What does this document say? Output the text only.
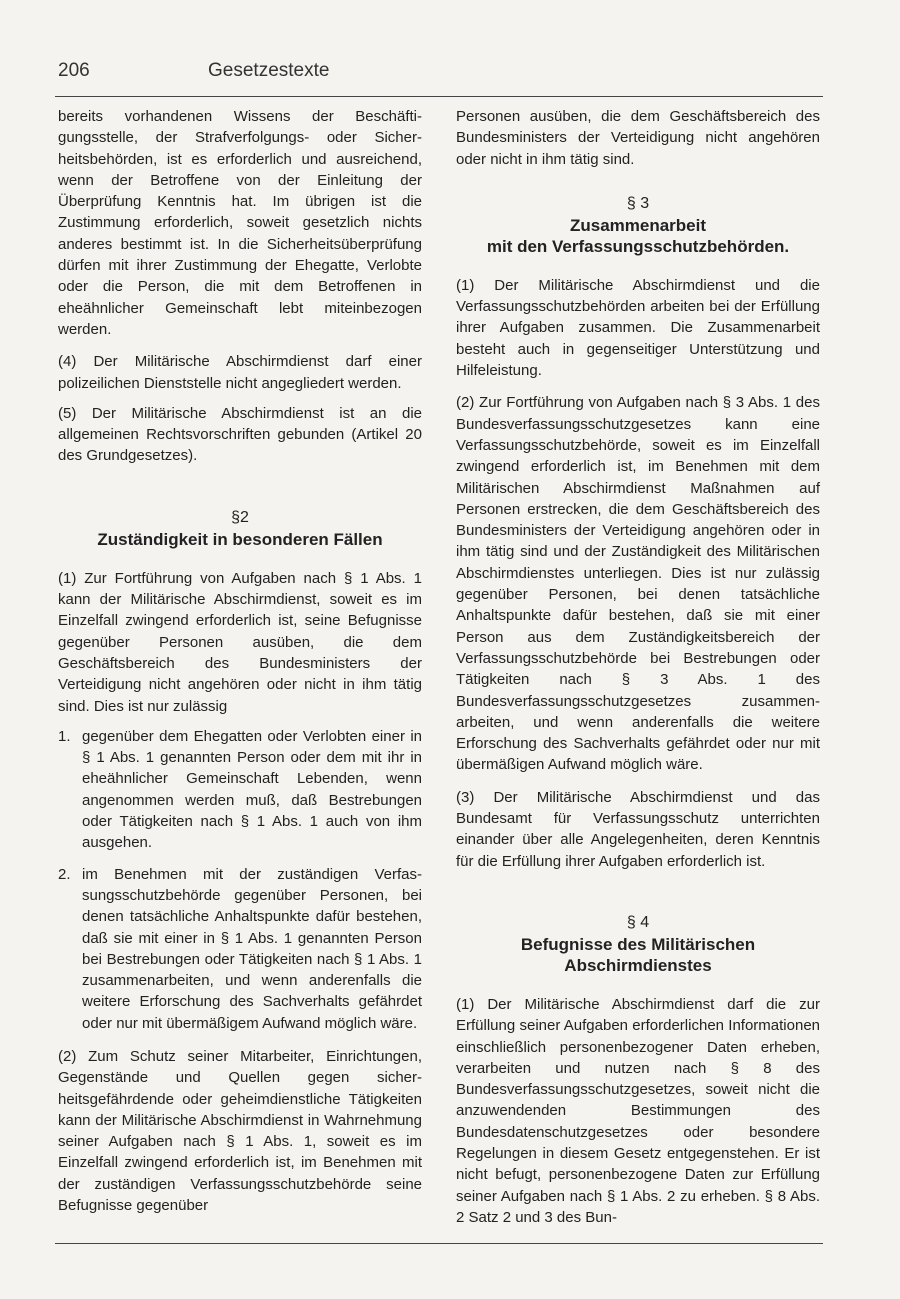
206	Gesetzestexte

bereits vorhandenen Wissens der Beschäftigungsstelle, der Strafverfolgungs- oder Sicherheitsbehörden, ist es erforderlich und ausreichend, wenn der Betroffene von der Einleitung der Überprüfung Kenntnis hat. Im übrigen ist die Zustimmung erforderlich, soweit gesetzlich nichts anderes bestimmt ist. In die Sicherheitsüberprüfung dürfen mit ihrer Zustimmung der Ehegatte, Verlobte oder die Person, die mit dem Betroffenen in eheähnlicher Gemeinschaft lebt miteinbezogen werden.

(4) Der Militärische Abschirmdienst darf einer polizeilichen Dienststelle nicht angegliedert werden.

(5) Der Militärische Abschirmdienst ist an die allgemeinen Rechtsvorschriften gebunden (Artikel 20 des Grundgesetzes).

§2
Zuständigkeit in besonderen Fällen

(1) Zur Fortführung von Aufgaben nach § 1 Abs. 1 kann der Militärische Abschirmdienst, soweit es im Einzelfall zwingend erforderlich ist, seine Befugnisse gegenüber Personen ausüben, die dem Geschäftsbereich des Bundesministers der Verteidigung nicht angehören oder nicht in ihm tätig sind. Dies ist nur zulässig

1. gegenüber dem Ehegatten oder Verlobten einer in § 1 Abs. 1 genannten Person oder dem mit ihr in eheähnlicher Gemeinschaft Lebenden, wenn angenommen werden muß, daß Bestrebungen oder Tätigkeiten nach § 1 Abs. 1 auch von ihm ausgehen.
2. im Benehmen mit der zuständigen Verfassungsschutzbehörde gegenüber Personen, bei denen tatsächliche Anhaltspunkte dafür bestehen, daß sie mit einer in § 1 Abs. 1 genannten Person bei Bestrebungen oder Tätigkeiten nach § 1 Abs. 1 zusammenarbeiten, und wenn anderenfalls die weitere Erforschung des Sachverhalts gefährdet oder nur mit übermäßigem Aufwand möglich wäre.

(2) Zum Schutz seiner Mitarbeiter, Einrichtungen, Gegenstände und Quellen gegen sicherheitsgefährdende oder geheimdienstliche Tätigkeiten kann der Militärische Abschirmdienst in Wahrnehmung seiner Aufgaben nach § 1 Abs. 1, soweit es im Einzelfall zwingend erforderlich ist, im Benehmen mit der zuständigen Verfassungsschutzbehörde seine Befugnisse gegenüber

Personen ausüben, die dem Geschäftsbereich des Bundesministers der Verteidigung nicht angehören oder nicht in ihm tätig sind.

§ 3
Zusammenarbeit
mit den Verfassungsschutzbehörden.

(1) Der Militärische Abschirmdienst und die Verfassungsschutzbehörden arbeiten bei der Erfüllung ihrer Aufgaben zusammen. Die Zusammenarbeit besteht auch in gegenseitiger Unterstützung und Hilfeleistung.

(2) Zur Fortführung von Aufgaben nach § 3 Abs. 1 des Bundesverfassungsschutzgesetzes kann eine Verfassungsschutzbehörde, soweit es im Einzelfall zwingend erforderlich ist, im Benehmen mit dem Militärischen Abschirmdienst Maßnahmen auf Personen erstrecken, die dem Geschäftsbereich des Bundesministers der Verteidigung angehören oder in ihm tätig sind und der Zuständigkeit des Militärischen Abschirmdienstes unterliegen. Dies ist nur zulässig gegenüber Personen, bei denen tatsächliche Anhaltspunkte dafür bestehen, daß sie mit einer Person aus dem Zuständigkeitsbereich der Verfassungsschutzbehörde bei Bestrebungen oder Tätigkeiten nach § 3 Abs. 1 des Bundesverfassungsschutzgesetzes zusammenarbeiten, und wenn anderenfalls die weitere Erforschung des Sachverhalts gefährdet oder nur mit übermäßigen Aufwand möglich wäre.

(3) Der Militärische Abschirmdienst und das Bundesamt für Verfassungsschutz unterrichten einander über alle Angelegenheiten, deren Kenntnis für die Erfüllung ihrer Aufgaben erforderlich ist.

§ 4
Befugnisse des Militärischen
Abschirmdienstes

(1) Der Militärische Abschirmdienst darf die zur Erfüllung seiner Aufgaben erforderlichen Informationen einschließlich personenbezogener Daten erheben, verarbeiten und nutzen nach § 8 des Bundesverfassungsschutzgesetzes, soweit nicht die anzuwendenden Bestimmungen des Bundesdatenschutzgesetzes oder besondere Regelungen in diesem Gesetz entgegenstehen. Er ist nicht befugt, personenbezogene Daten zur Erfüllung seiner Aufgaben nach § 1 Abs. 2 zu erheben. § 8 Abs. 2 Satz 2 und 3 des Bun-
